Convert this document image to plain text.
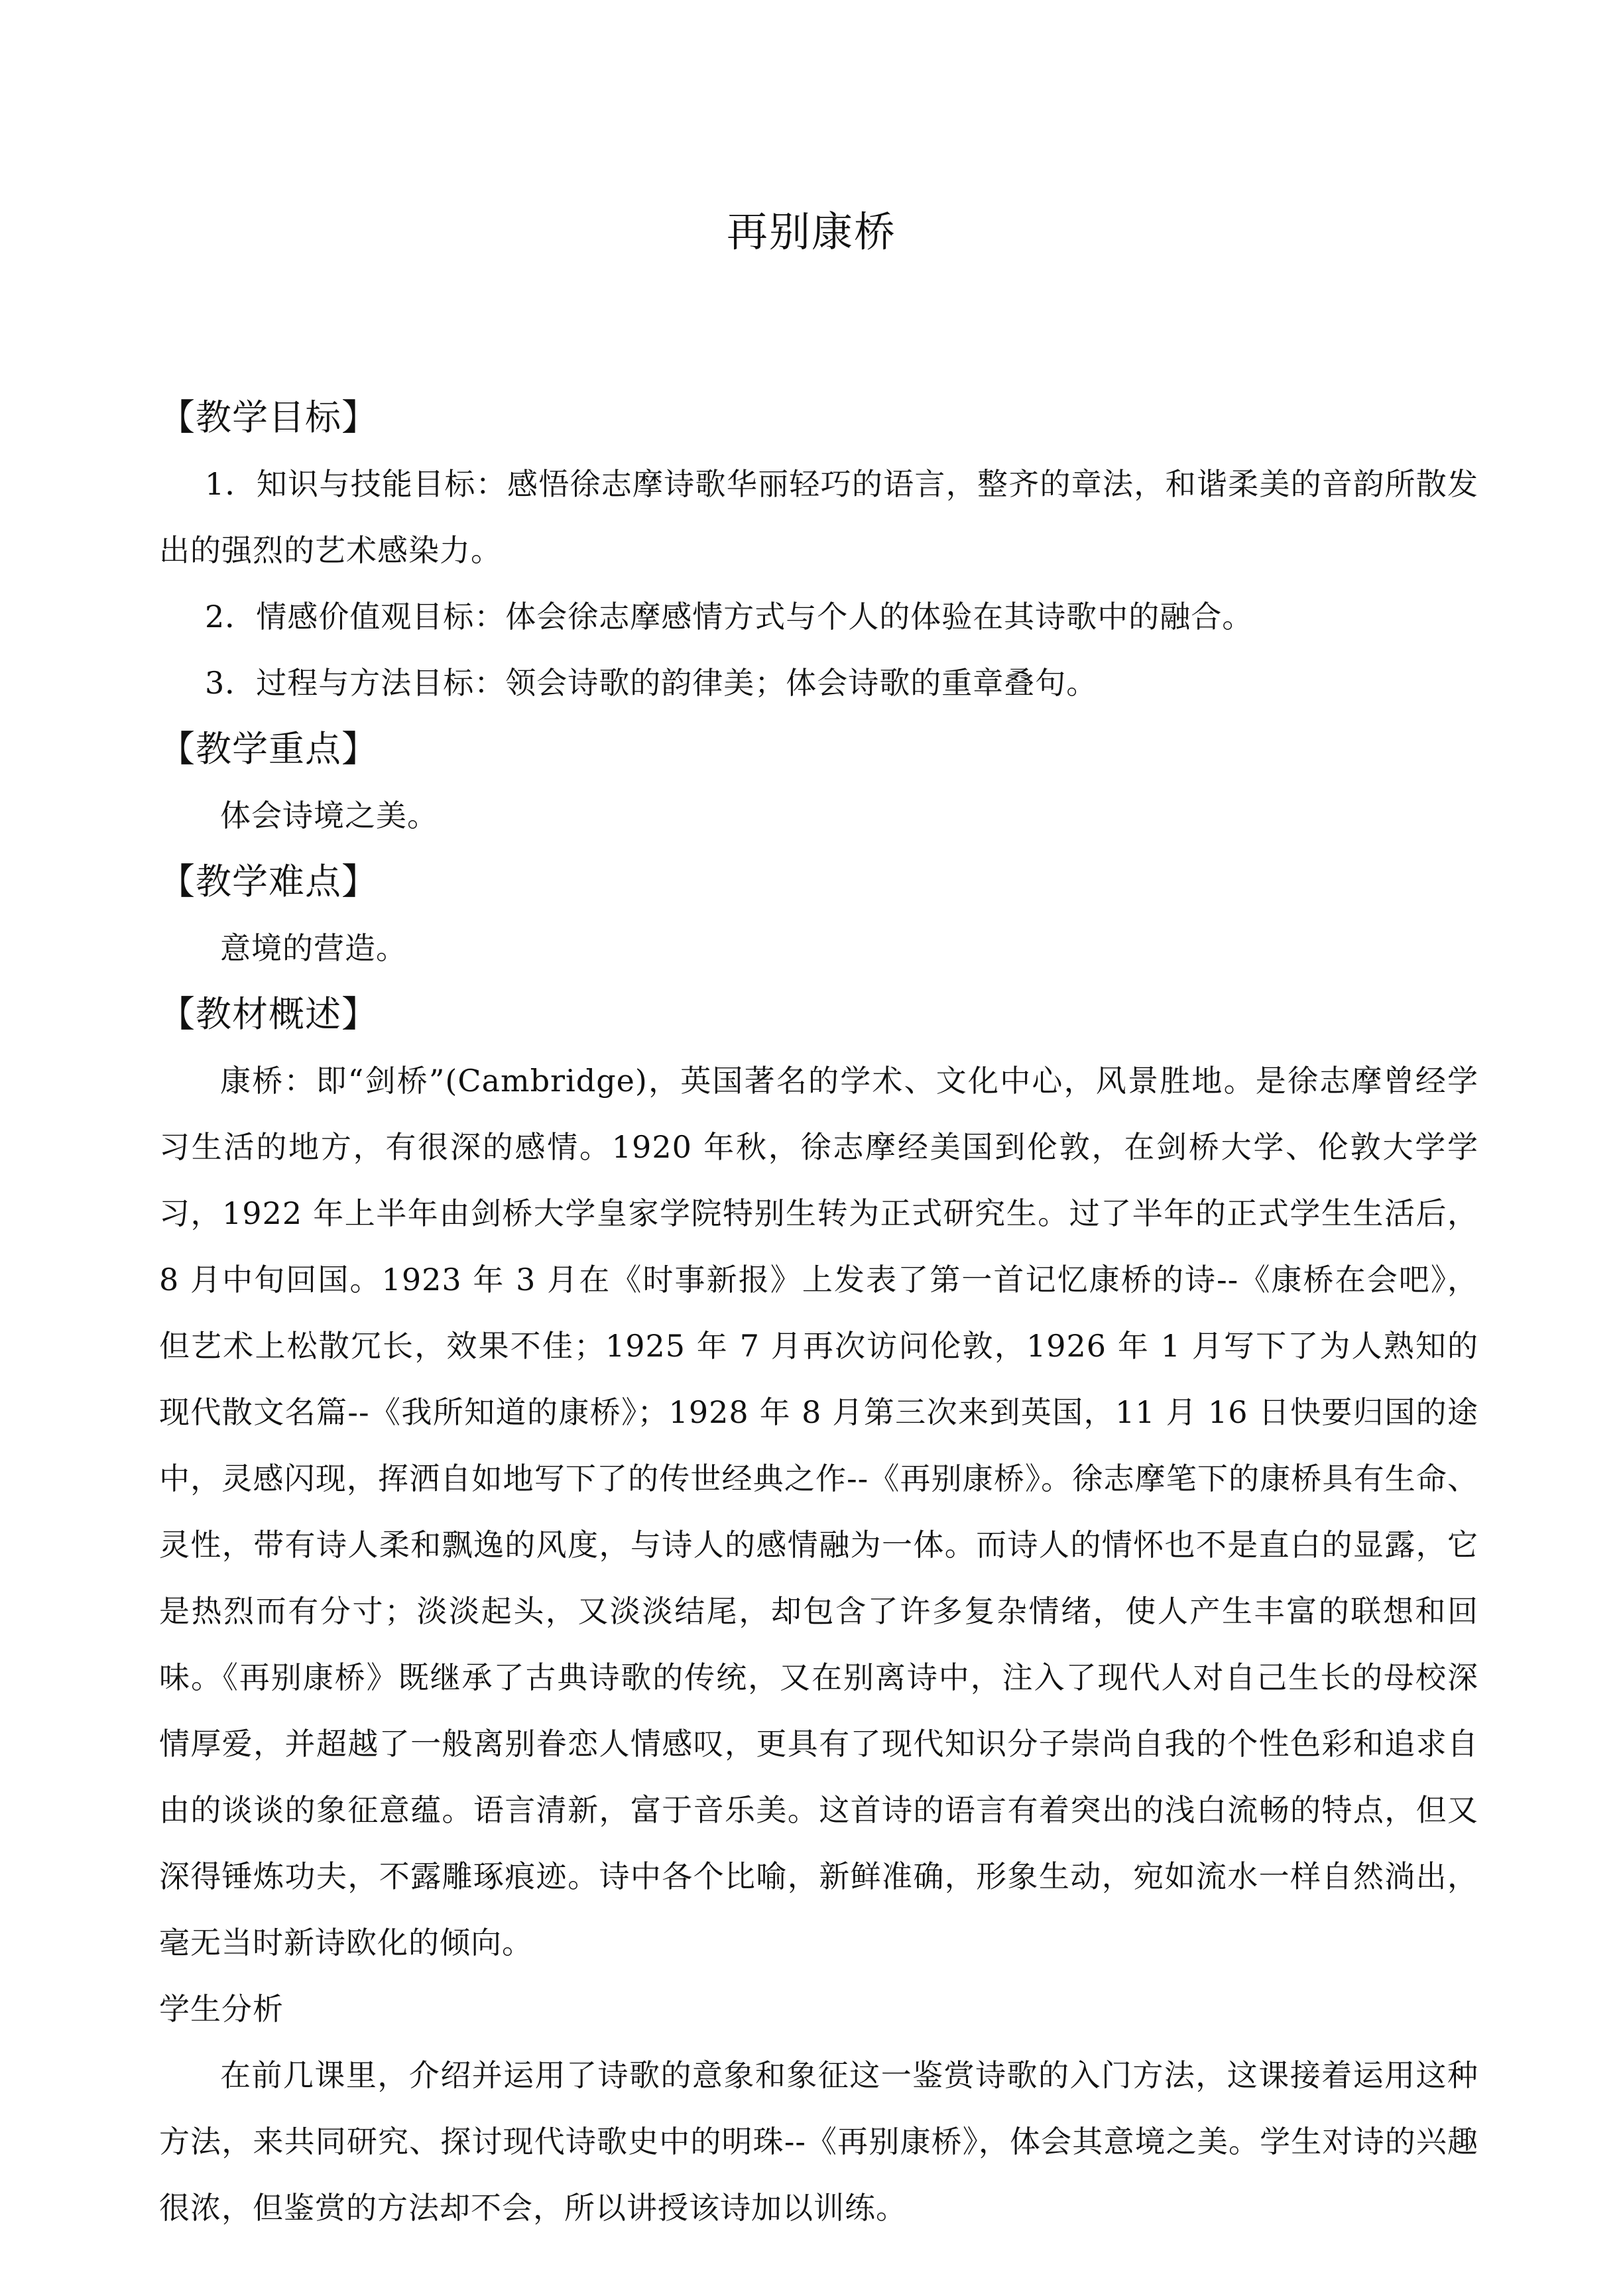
再别康桥

【教学目标】

1．知识与技能目标：感悟徐志摩诗歌华丽轻巧的语言，整齐的章法，和谐柔美的音韵所散发出的强烈的艺术感染力。

2．情感价值观目标：体会徐志摩感情方式与个人的体验在其诗歌中的融合。

3．过程与方法目标：领会诗歌的韵律美；体会诗歌的重章叠句。

【教学重点】

体会诗境之美。

【教学难点】

意境的营造。

【教材概述】

康桥：即“剑桥”(Cambridge)，英国著名的学术、文化中心，风景胜地。是徐志摩曾经学习生活的地方，有很深的感情。1920 年秋，徐志摩经美国到伦敦，在剑桥大学、伦敦大学学习，1922 年上半年由剑桥大学皇家学院特别生转为正式研究生。过了半年的正式学生生活后，8 月中旬回国。1923 年 3 月在《时事新报》上发表了第一首记忆康桥的诗--《康桥在会吧》，但艺术上松散冗长，效果不佳；1925 年 7 月再次访问伦敦，1926 年 1 月写下了为人熟知的现代散文名篇--《我所知道的康桥》；1928 年 8 月第三次来到英国，11 月 16 日快要归国的途中，灵感闪现，挥洒自如地写下了的传世经典之作--《再别康桥》。徐志摩笔下的康桥具有生命、灵性，带有诗人柔和飘逸的风度，与诗人的感情融为一体。而诗人的情怀也不是直白的显露，它是热烈而有分寸；淡淡起头，又淡淡结尾，却包含了许多复杂情绪，使人产生丰富的联想和回味。《再别康桥》既继承了古典诗歌的传统，又在别离诗中，注入了现代人对自己生长的母校深情厚爱，并超越了一般离别眷恋人情感叹，更具有了现代知识分子崇尚自我的个性色彩和追求自由的谈谈的象征意蕴。语言清新，富于音乐美。这首诗的语言有着突出的浅白流畅的特点，但又深得锤炼功夫，不露雕琢痕迹。诗中各个比喻，新鲜准确，形象生动，宛如流水一样自然淌出，毫无当时新诗欧化的倾向。

学生分析

在前几课里，介绍并运用了诗歌的意象和象征这一鉴赏诗歌的入门方法，这课接着运用这种方法，来共同研究、探讨现代诗歌史中的明珠--《再别康桥》，体会其意境之美。学生对诗的兴趣很浓，但鉴赏的方法却不会，所以讲授该诗加以训练。
